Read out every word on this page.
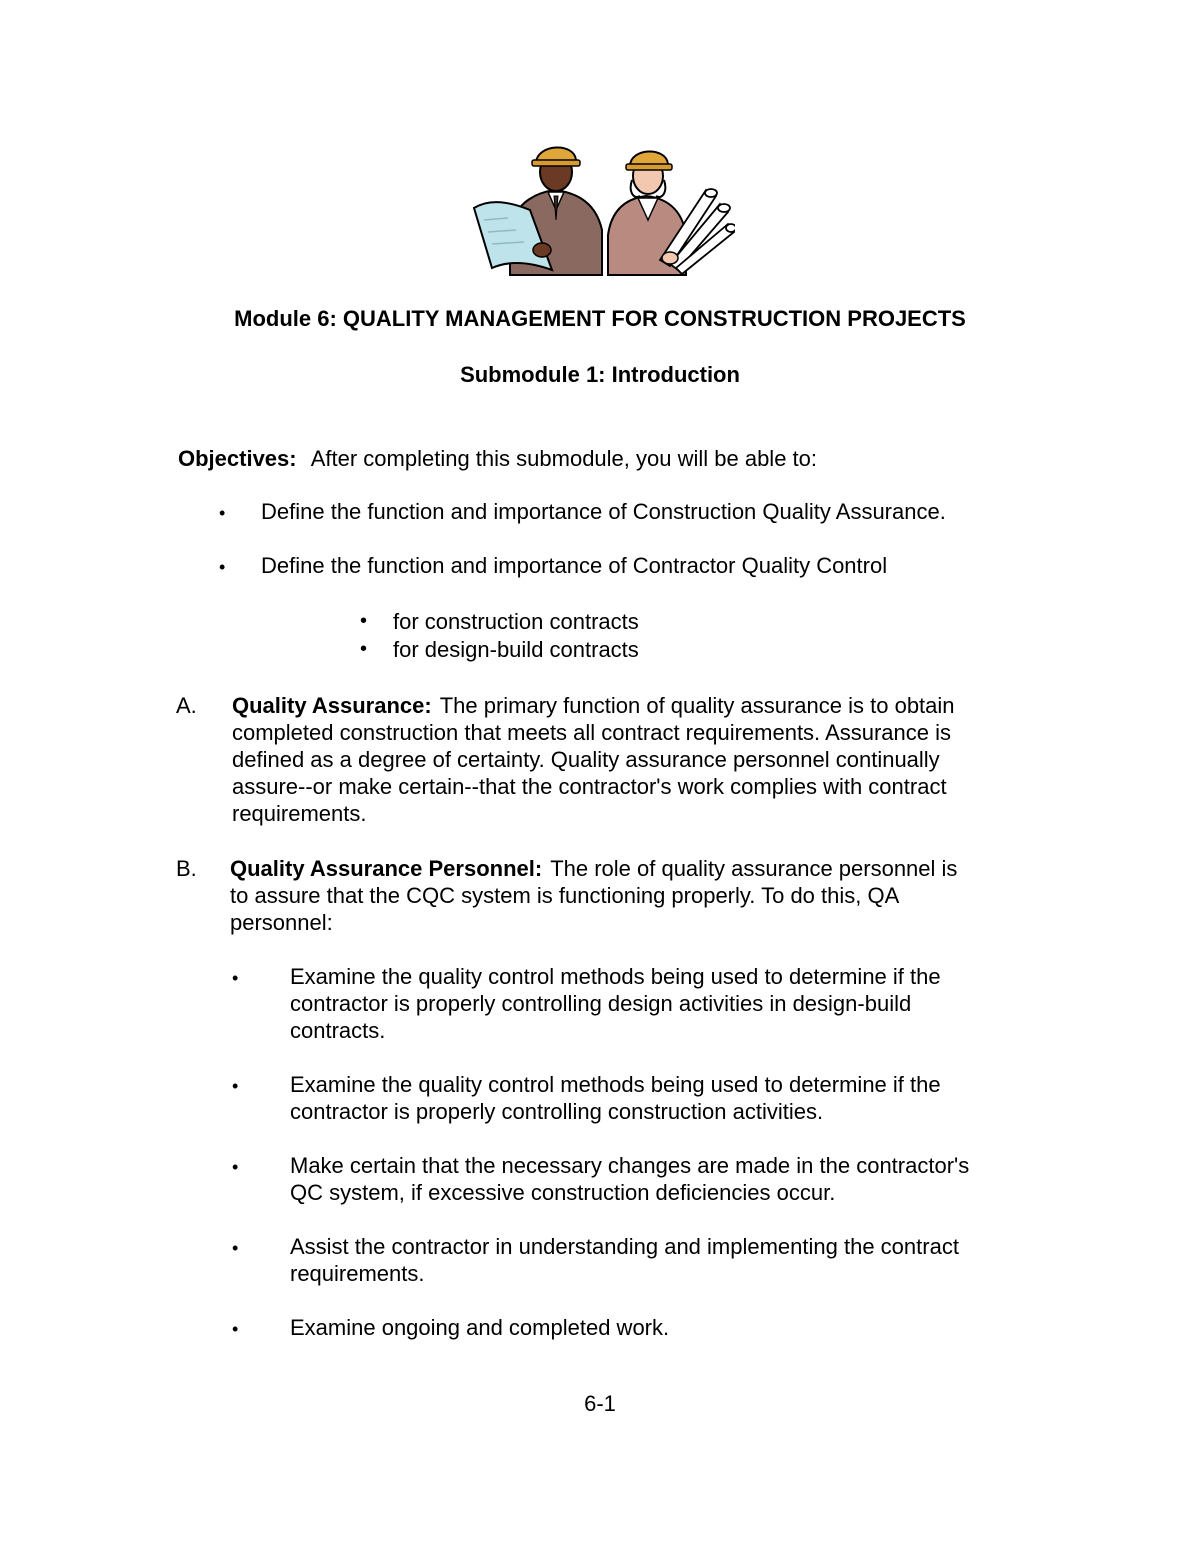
Module 6: QUALITY MANAGEMENT FOR CONSTRUCTION PROJECTS
Submodule 1: Introduction
Objectives: After completing this submodule, you will be able to:
• Define the function and importance of Construction Quality Assurance.
• Define the function and importance of Contractor Quality Control
• for construction contracts
• for design-build contracts
A. Quality Assurance: The primary function of quality assurance is to obtain
completed construction that meets all contract requirements. Assurance is
defined as a degree of certainty. Quality assurance personnel continually
assure--or make certain--that the contractor's work complies with contract
requirements.
B. Quality Assurance Personnel: The role of quality assurance personnel is
to assure that the CQC system is functioning properly. To do this, QA
personnel:
• Examine the quality control methods being used to determine if the
contractor is properly controlling design activities in design-build
contracts.
• Examine the quality control methods being used to determine if the
contractor is properly controlling construction activities.
• Make certain that the necessary changes are made in the contractor's
QC system, if excessive construction deficiencies occur.
• Assist the contractor in understanding and implementing the contract
requirements.
• Examine ongoing and completed work.
6-1
